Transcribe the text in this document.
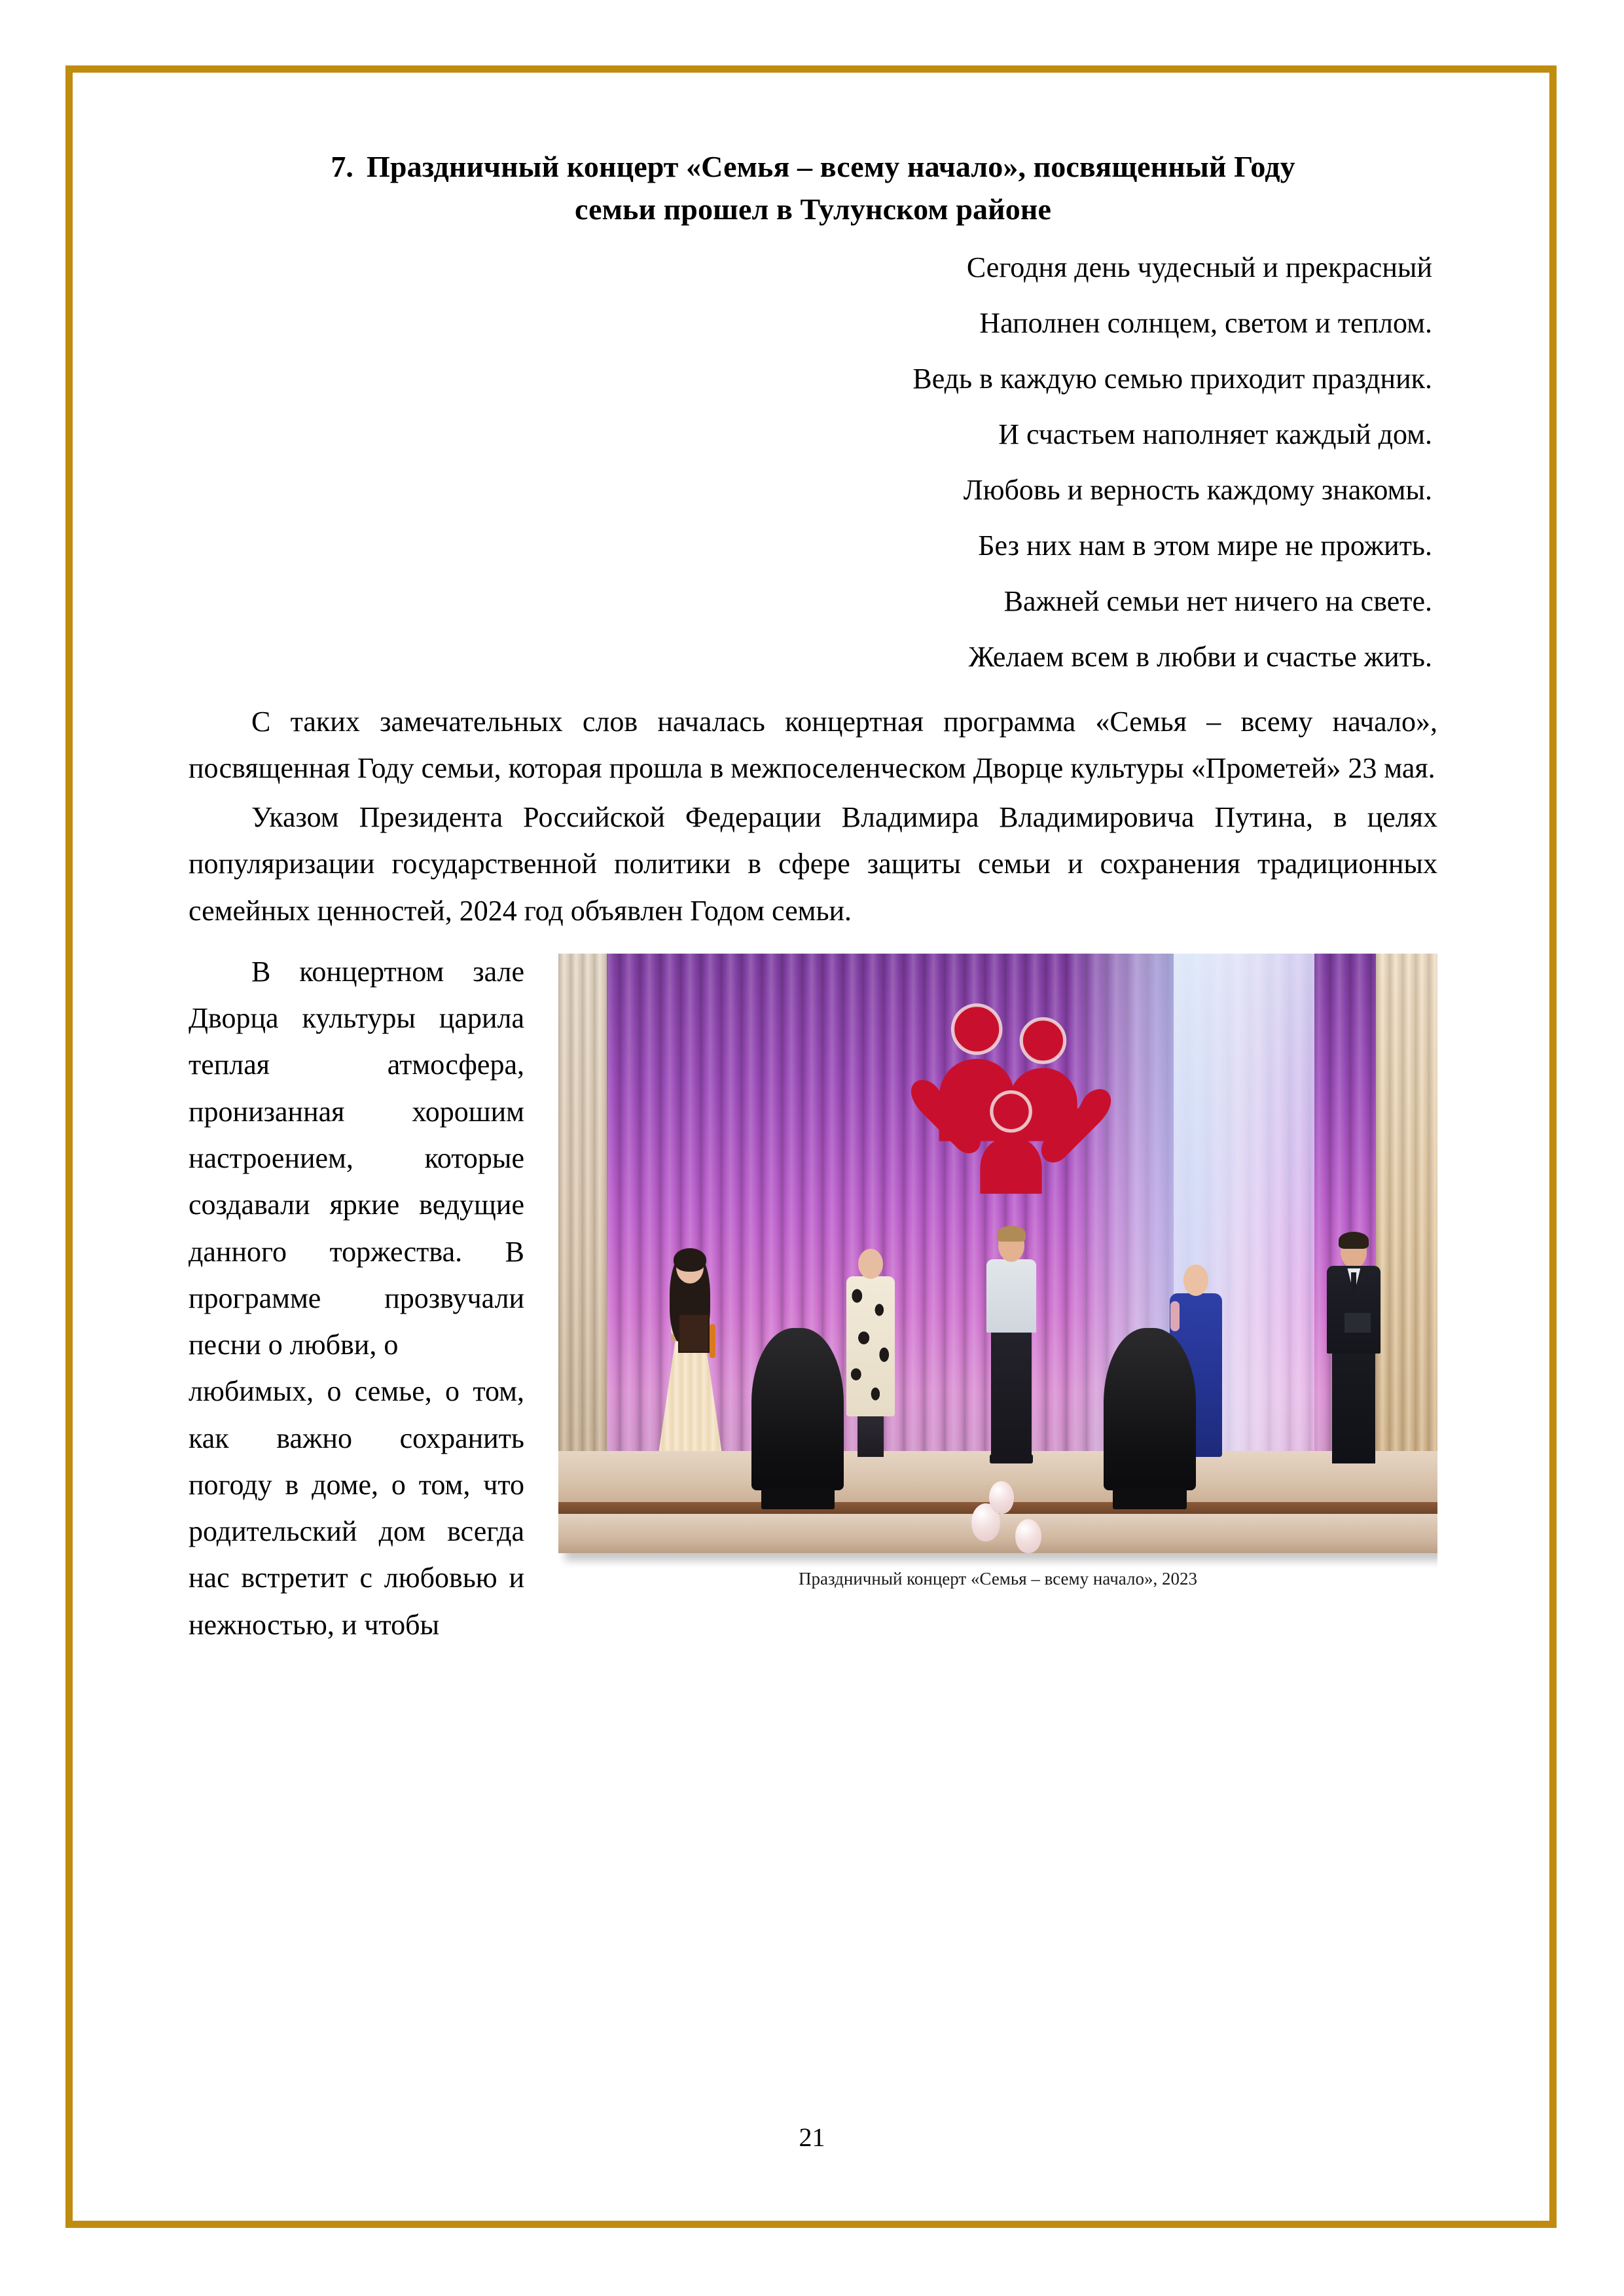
7. Праздничный концерт «Семья – всему начало», посвященный Году
семьи прошел в Тулунском районе

Сегодня день чудесный и прекрасный

Наполнен солнцем, светом и теплом.

Ведь в каждую семью приходит праздник.

И счастьем наполняет каждый дом.

Любовь и верность каждому знакомы.

Без них нам в этом мире не прожить.

Важней семьи нет ничего на свете.

Желаем всем в любви и счастье жить.

С таких замечательных слов началась концертная программа «Семья – всему начало», посвященная Году семьи, которая прошла в межпоселенческом Дворце культуры «Прометей» 23 мая.

Указом Президента Российской Федерации Владимира Владимировича Путина, в целях популяризации государственной политики в сфере защиты семьи и сохранения традиционных семейных ценностей, 2024 год объявлен Годом семьи.

Праздничный концерт «Семья – всему начало», 2023
В концертном зале Дворца культуры царила теплая атмосфера, пронизанная хорошим настроением, которые создавали яркие ведущие данного торжества. В программе прозвучали песни о любви, о

любимых, о семье, о том, как важно сохранить погоду в доме, о том, что родительский дом всегда нас встретит с любовью и нежностью, и чтобы

21
